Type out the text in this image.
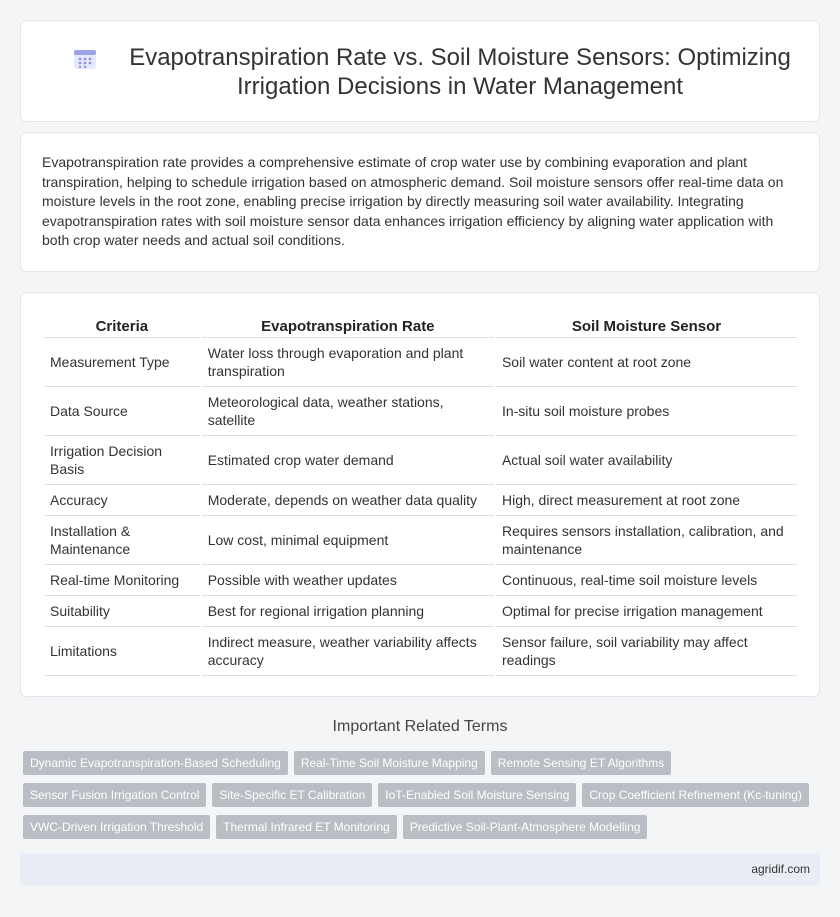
Evapotranspiration Rate vs. Soil Moisture Sensors: Optimizing Irrigation Decisions in Water Management

Evapotranspiration rate provides a comprehensive estimate of crop water use by combining evaporation and plant transpiration, helping to schedule irrigation based on atmospheric demand. Soil moisture sensors offer real-time data on moisture levels in the root zone, enabling precise irrigation by directly measuring soil water availability. Integrating evapotranspiration rates with soil moisture sensor data enhances irrigation efficiency by aligning water application with both crop water needs and actual soil conditions.

Criteria	Evapotranspiration Rate	Soil Moisture Sensor
Measurement Type	Water loss through evaporation and plant transpiration	Soil water content at root zone
Data Source	Meteorological data, weather stations, satellite	In-situ soil moisture probes
Irrigation Decision Basis	Estimated crop water demand	Actual soil water availability
Accuracy	Moderate, depends on weather data quality	High, direct measurement at root zone
Installation & Maintenance	Low cost, minimal equipment	Requires sensors installation, calibration, and maintenance
Real-time Monitoring	Possible with weather updates	Continuous, real-time soil moisture levels
Suitability	Best for regional irrigation planning	Optimal for precise irrigation management
Limitations	Indirect measure, weather variability affects accuracy	Sensor failure, soil variability may affect readings
Important Related Terms
Dynamic Evapotranspiration-Based Scheduling	Real-Time Soil Moisture Mapping	Remote Sensing ET Algorithms
Sensor Fusion Irrigation Control	Site-Specific ET Calibration	IoT-Enabled Soil Moisture Sensing	Crop Coefficient Refinement (Kc-tuning)
VWC-Driven Irrigation Threshold	Thermal Infrared ET Monitoring	Predictive Soil-Plant-Atmosphere Modelling
agridif.com
